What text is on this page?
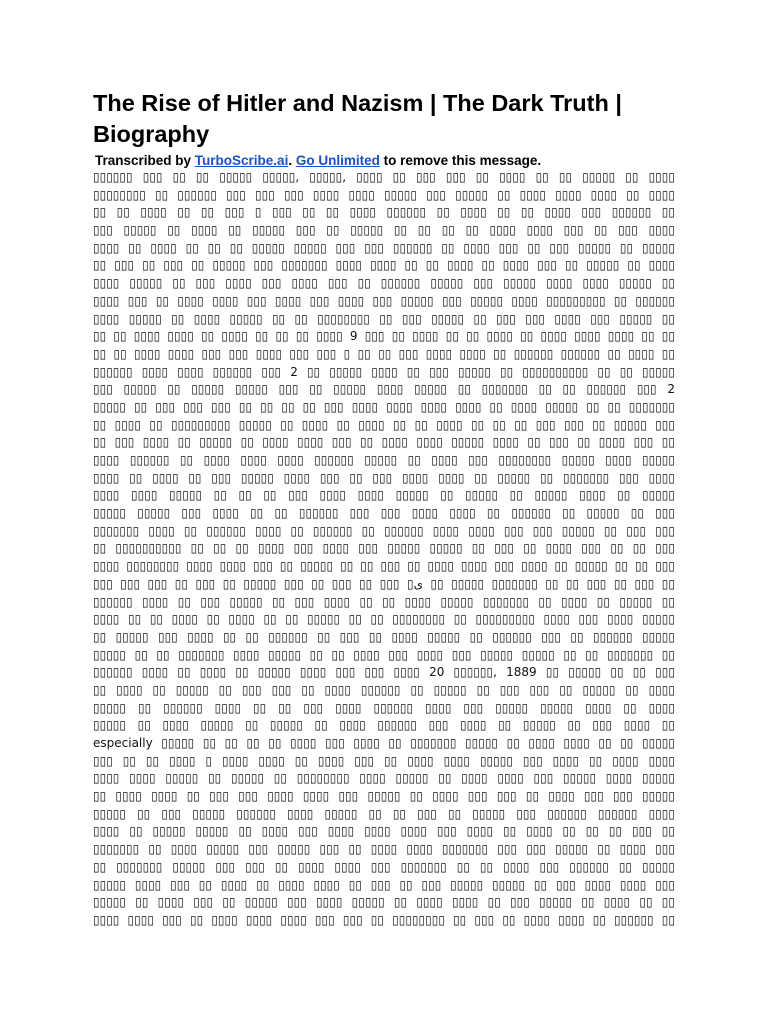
The Rise of Hitler and Nazism | The Dark Truth | Biography
Transcribed by TurboScribe.ai. Go Unlimited to remove this message.
▯▯▯▯▯▯ ▯▯▯ ▯▯ ▯▯ ▯▯▯▯▯ ▯▯▯▯▯, ▯▯▯▯▯, ▯▯▯▯ ▯▯ ▯▯▯ ▯▯▯ ▯▯ ▯▯▯▯ ▯▯ ▯▯ ▯▯▯▯▯ ▯▯ ▯▯▯▯
▯▯▯▯▯▯▯▯ ▯▯ ▯▯▯▯▯▯ ▯▯▯ ▯▯▯ ▯▯▯ ▯▯▯▯ ▯▯▯▯ ▯▯▯▯▯ ▯▯▯ ▯▯▯▯▯ ▯▯ ▯▯▯▯ ▯▯▯▯ ▯▯▯▯ ▯▯ ▯▯▯▯
▯▯ ▯▯ ▯▯▯▯ ▯▯ ▯▯ ▯▯▯ ▯ ▯▯▯ ▯▯ ▯▯ ▯▯▯▯ ▯▯▯▯▯▯ ▯▯ ▯▯▯▯ ▯▯ ▯▯ ▯▯▯▯ ▯▯▯ ▯▯▯▯▯▯ ▯▯
▯▯▯ ▯▯▯▯▯ ▯▯ ▯▯▯▯ ▯▯ ▯▯▯▯▯ ▯▯▯ ▯▯ ▯▯▯▯▯ ▯▯ ▯▯ ▯▯ ▯▯ ▯▯▯▯ ▯▯▯▯ ▯▯▯ ▯▯ ▯▯▯ ▯▯▯▯
▯▯▯▯ ▯▯ ▯▯▯▯ ▯▯ ▯▯ ▯▯ ▯▯▯▯▯ ▯▯▯▯▯ ▯▯▯ ▯▯▯ ▯▯▯▯▯▯ ▯▯ ▯▯▯▯ ▯▯▯ ▯▯ ▯▯▯ ▯▯▯▯▯ ▯▯ ▯▯▯▯▯
▯▯ ▯▯▯ ▯▯ ▯▯▯ ▯▯ ▯▯▯▯▯ ▯▯▯ ▯▯▯▯▯▯▯ ▯▯▯▯ ▯▯▯▯ ▯▯ ▯▯ ▯▯▯▯ ▯▯ ▯▯▯▯ ▯▯▯ ▯▯ ▯▯▯▯▯ ▯▯ ▯▯▯▯
▯▯▯▯ ▯▯▯▯▯ ▯▯ ▯▯▯ ▯▯▯▯ ▯▯▯ ▯▯▯▯ ▯▯▯ ▯▯ ▯▯▯▯▯▯ ▯▯▯▯▯ ▯▯▯ ▯▯▯▯▯ ▯▯▯▯ ▯▯▯▯ ▯▯▯▯▯ ▯▯
▯▯▯▯ ▯▯▯ ▯▯ ▯▯▯▯ ▯▯▯▯ ▯▯▯ ▯▯▯▯ ▯▯▯ ▯▯▯▯ ▯▯▯ ▯▯▯▯▯ ▯▯▯ ▯▯▯▯▯ ▯▯▯▯ ▯▯▯▯▯▯▯▯▯ ▯▯ ▯▯▯▯▯▯
▯▯▯▯ ▯▯▯▯▯ ▯▯ ▯▯▯▯ ▯▯▯▯▯ ▯▯ ▯▯ ▯▯▯▯▯▯▯▯ ▯▯ ▯▯▯ ▯▯▯▯▯ ▯▯ ▯▯▯ ▯▯▯ ▯▯▯▯ ▯▯▯ ▯▯▯▯▯ ▯▯
▯▯ ▯▯ ▯▯▯▯ ▯▯▯▯ ▯▯ ▯▯▯▯ ▯▯ ▯▯ ▯▯ ▯▯▯▯ 9 ▯▯▯ ▯▯ ▯▯▯▯ ▯▯ ▯▯ ▯▯▯▯ ▯▯ ▯▯▯▯ ▯▯▯▯ ▯▯▯▯ ▯▯ ▯▯
▯▯ ▯▯ ▯▯▯▯ ▯▯▯▯ ▯▯▯ ▯▯▯ ▯▯▯▯ ▯▯▯ ▯▯▯ ▯ ▯▯ ▯▯ ▯▯▯ ▯▯▯▯ ▯▯▯▯ ▯▯ ▯▯▯▯▯▯ ▯▯▯▯▯▯ ▯▯ ▯▯▯▯ ▯▯
▯▯▯▯▯▯ ▯▯▯▯ ▯▯▯▯ ▯▯▯▯▯▯ ▯▯▯ 2 ▯▯ ▯▯▯▯▯ ▯▯▯▯ ▯▯ ▯▯▯ ▯▯▯▯▯ ▯▯ ▯▯▯▯▯▯▯▯▯▯ ▯▯ ▯▯ ▯▯▯▯▯
▯▯▯ ▯▯▯▯▯ ▯▯ ▯▯▯▯▯ ▯▯▯▯▯ ▯▯▯ ▯▯ ▯▯▯▯▯ ▯▯▯▯ ▯▯▯▯▯ ▯▯ ▯▯▯▯▯▯▯ ▯▯ ▯▯ ▯▯▯▯▯▯ ▯▯▯ 2
▯▯▯▯▯ ▯▯ ▯▯▯ ▯▯▯ ▯▯▯ ▯▯ ▯▯ ▯▯ ▯▯ ▯▯▯ ▯▯▯▯ ▯▯▯▯ ▯▯▯▯ ▯▯▯▯ ▯▯ ▯▯▯▯ ▯▯▯▯▯ ▯▯ ▯▯ ▯▯▯▯▯▯▯
▯▯ ▯▯▯▯ ▯▯ ▯▯▯▯▯▯▯▯▯ ▯▯▯▯▯ ▯▯ ▯▯▯▯ ▯▯ ▯▯▯▯ ▯▯ ▯▯ ▯▯▯▯ ▯▯ ▯▯ ▯▯ ▯▯▯ ▯▯▯ ▯▯ ▯▯▯▯▯ ▯▯▯
▯▯ ▯▯▯ ▯▯▯▯ ▯▯ ▯▯▯▯▯ ▯▯ ▯▯▯▯ ▯▯▯▯ ▯▯▯ ▯▯ ▯▯▯▯ ▯▯▯▯ ▯▯▯▯▯ ▯▯▯▯ ▯▯ ▯▯▯ ▯▯ ▯▯▯▯ ▯▯▯ ▯▯
▯▯▯▯ ▯▯▯▯▯▯ ▯▯ ▯▯▯▯ ▯▯▯▯ ▯▯▯▯ ▯▯▯▯▯▯ ▯▯▯▯▯ ▯▯ ▯▯▯▯ ▯▯▯ ▯▯▯▯▯▯▯▯ ▯▯▯▯▯ ▯▯▯▯ ▯▯▯▯▯
▯▯▯▯ ▯▯ ▯▯▯▯ ▯▯ ▯▯▯ ▯▯▯▯▯ ▯▯▯▯ ▯▯▯ ▯▯ ▯▯▯ ▯▯▯▯ ▯▯▯▯ ▯▯ ▯▯▯▯▯ ▯▯ ▯▯▯▯▯▯▯ ▯▯▯ ▯▯▯▯
▯▯▯▯ ▯▯▯▯ ▯▯▯▯▯ ▯▯ ▯▯ ▯▯ ▯▯▯ ▯▯▯▯ ▯▯▯▯ ▯▯▯▯▯ ▯▯ ▯▯▯▯▯ ▯▯ ▯▯▯▯▯ ▯▯▯▯ ▯▯ ▯▯▯▯▯
▯▯▯▯▯ ▯▯▯▯▯ ▯▯▯ ▯▯▯▯ ▯▯ ▯▯ ▯▯▯▯▯▯ ▯▯▯ ▯▯▯ ▯▯▯▯ ▯▯▯▯ ▯▯ ▯▯▯▯▯▯ ▯▯ ▯▯▯▯▯ ▯▯ ▯▯▯
▯▯▯▯▯▯▯ ▯▯▯▯ ▯▯ ▯▯▯▯▯▯ ▯▯▯▯ ▯▯ ▯▯▯▯▯▯ ▯▯ ▯▯▯▯▯▯ ▯▯▯▯ ▯▯▯▯ ▯▯▯ ▯▯▯ ▯▯▯▯▯ ▯▯ ▯▯▯ ▯▯▯
▯▯ ▯▯▯▯▯▯▯▯▯▯ ▯▯ ▯▯ ▯▯ ▯▯▯▯ ▯▯▯ ▯▯▯▯ ▯▯▯ ▯▯▯▯▯ ▯▯▯▯▯ ▯▯ ▯▯▯ ▯▯ ▯▯▯▯ ▯▯▯ ▯▯ ▯▯ ▯▯▯
▯▯▯▯ ▯▯▯▯▯▯▯▯ ▯▯▯▯ ▯▯▯▯ ▯▯▯ ▯▯ ▯▯▯▯▯ ▯▯ ▯▯ ▯▯▯ ▯▯ ▯▯▯▯ ▯▯▯▯ ▯▯▯ ▯▯▯▯ ▯▯ ▯▯▯▯▯ ▯▯ ▯▯ ▯▯▯
▯▯▯ ▯▯▯ ▯▯▯ ▯▯ ▯▯▯ ▯▯ ▯▯▯▯▯ ▯▯▯ ▯▯ ▯▯▯ ▯▯ ▯▯▯ ▯ی ▯▯ ▯▯▯▯▯ ▯▯▯▯▯▯▯ ▯▯ ▯▯ ▯▯▯ ▯▯ ▯▯▯ ▯▯
▯▯▯▯▯▯ ▯▯▯▯ ▯▯ ▯▯▯ ▯▯▯▯▯ ▯▯ ▯▯▯ ▯▯▯▯ ▯▯ ▯▯ ▯▯▯▯ ▯▯▯▯▯ ▯▯▯▯▯▯▯ ▯▯ ▯▯▯▯ ▯▯ ▯▯▯▯▯ ▯▯
▯▯▯▯ ▯▯ ▯▯ ▯▯▯▯ ▯▯ ▯▯▯▯ ▯▯ ▯▯ ▯▯▯▯▯ ▯▯ ▯▯ ▯▯▯▯▯▯▯▯ ▯▯ ▯▯▯▯▯▯▯▯▯ ▯▯▯▯ ▯▯▯ ▯▯▯▯ ▯▯▯▯▯
▯▯ ▯▯▯▯▯ ▯▯▯ ▯▯▯▯ ▯▯ ▯▯ ▯▯▯▯▯▯ ▯▯ ▯▯▯ ▯▯ ▯▯▯▯ ▯▯▯▯▯ ▯▯ ▯▯▯▯▯▯ ▯▯▯ ▯▯ ▯▯▯▯▯▯ ▯▯▯▯▯
▯▯▯▯▯ ▯▯ ▯▯ ▯▯▯▯▯▯▯ ▯▯▯▯ ▯▯▯▯▯ ▯▯ ▯▯ ▯▯▯▯ ▯▯▯ ▯▯▯▯ ▯▯▯ ▯▯▯▯▯ ▯▯▯▯▯ ▯▯ ▯▯ ▯▯▯▯▯▯▯ ▯▯
▯▯▯▯▯▯ ▯▯▯▯ ▯▯ ▯▯▯▯ ▯▯ ▯▯▯▯▯ ▯▯▯▯ ▯▯▯ ▯▯▯ ▯▯▯▯ 20 ▯▯▯▯▯▯, 1889 ▯▯ ▯▯▯▯▯ ▯▯ ▯▯ ▯▯▯
▯▯ ▯▯▯▯ ▯▯ ▯▯▯▯▯ ▯▯ ▯▯▯ ▯▯▯ ▯▯ ▯▯▯▯ ▯▯▯▯▯▯ ▯▯ ▯▯▯▯▯ ▯▯ ▯▯▯ ▯▯▯ ▯▯ ▯▯▯▯▯ ▯▯ ▯▯▯▯
▯▯▯▯▯ ▯▯ ▯▯▯▯▯▯ ▯▯▯▯ ▯▯ ▯▯ ▯▯▯ ▯▯▯▯ ▯▯▯▯▯▯ ▯▯▯▯ ▯▯▯ ▯▯▯▯▯ ▯▯▯▯▯ ▯▯▯▯ ▯▯ ▯▯▯▯
▯▯▯▯▯ ▯▯ ▯▯▯▯ ▯▯▯▯▯ ▯▯ ▯▯▯▯▯ ▯▯ ▯▯▯▯ ▯▯▯▯▯▯ ▯▯▯ ▯▯▯▯ ▯▯ ▯▯▯▯▯ ▯▯ ▯▯▯ ▯▯▯▯ ▯▯
especially ▯▯▯▯▯ ▯▯ ▯▯ ▯▯ ▯▯ ▯▯▯▯ ▯▯▯ ▯▯▯▯ ▯▯ ▯▯▯▯▯▯▯ ▯▯▯▯▯ ▯▯ ▯▯▯▯ ▯▯▯▯ ▯▯ ▯▯ ▯▯▯▯▯
▯▯▯ ▯▯ ▯▯ ▯▯▯▯ ▯ ▯▯▯▯ ▯▯▯▯ ▯▯ ▯▯▯▯ ▯▯▯ ▯▯ ▯▯▯▯ ▯▯▯▯ ▯▯▯▯▯ ▯▯▯ ▯▯▯▯ ▯▯ ▯▯▯▯ ▯▯▯▯
▯▯▯▯ ▯▯▯▯ ▯▯▯▯▯ ▯▯ ▯▯▯▯▯ ▯▯ ▯▯▯▯▯▯▯▯ ▯▯▯▯ ▯▯▯▯▯ ▯▯ ▯▯▯▯ ▯▯▯▯ ▯▯▯ ▯▯▯▯▯ ▯▯▯▯ ▯▯▯▯▯
▯▯ ▯▯▯▯ ▯▯▯▯ ▯▯ ▯▯▯ ▯▯▯ ▯▯▯▯ ▯▯▯▯ ▯▯▯ ▯▯▯▯▯ ▯▯ ▯▯▯▯ ▯▯▯ ▯▯▯ ▯▯ ▯▯▯▯ ▯▯▯ ▯▯▯ ▯▯▯▯▯
▯▯▯▯▯ ▯▯ ▯▯▯ ▯▯▯▯▯ ▯▯▯▯▯▯ ▯▯▯▯ ▯▯▯▯▯ ▯▯ ▯▯ ▯▯▯ ▯▯ ▯▯▯▯▯ ▯▯▯ ▯▯▯▯▯▯ ▯▯▯▯▯▯ ▯▯▯▯
▯▯▯▯ ▯▯ ▯▯▯▯▯ ▯▯▯▯▯ ▯▯ ▯▯▯▯ ▯▯▯ ▯▯▯▯ ▯▯▯▯ ▯▯▯▯ ▯▯▯ ▯▯▯▯ ▯▯ ▯▯▯▯ ▯▯ ▯▯ ▯▯ ▯▯▯ ▯▯
▯▯▯▯▯▯▯ ▯▯ ▯▯▯▯ ▯▯▯▯▯ ▯▯▯ ▯▯▯▯▯ ▯▯▯ ▯▯ ▯▯▯▯ ▯▯▯▯ ▯▯▯▯▯▯▯ ▯▯▯ ▯▯▯ ▯▯▯▯▯ ▯▯ ▯▯▯▯ ▯▯▯
▯▯ ▯▯▯▯▯▯▯ ▯▯▯▯▯ ▯▯▯ ▯▯▯ ▯▯ ▯▯▯▯ ▯▯▯▯ ▯▯▯ ▯▯▯▯▯▯▯ ▯▯ ▯▯ ▯▯▯▯ ▯▯▯ ▯▯▯▯▯▯ ▯▯ ▯▯▯▯▯
▯▯▯▯▯ ▯▯▯▯ ▯▯▯ ▯▯ ▯▯▯▯ ▯▯ ▯▯▯▯ ▯▯▯▯ ▯▯ ▯▯▯ ▯▯ ▯▯▯ ▯▯▯▯▯ ▯▯▯▯▯ ▯▯ ▯▯▯ ▯▯▯▯ ▯▯▯▯ ▯▯▯
▯▯▯▯▯ ▯▯ ▯▯▯▯ ▯▯▯ ▯▯ ▯▯▯▯▯ ▯▯▯ ▯▯▯▯ ▯▯▯▯▯ ▯▯ ▯▯▯▯ ▯▯▯▯ ▯▯ ▯▯▯ ▯▯▯▯▯ ▯▯ ▯▯▯▯ ▯▯ ▯▯
▯▯▯▯ ▯▯▯▯ ▯▯▯ ▯▯ ▯▯▯▯ ▯▯▯▯ ▯▯▯▯ ▯▯▯ ▯▯▯ ▯▯ ▯▯▯▯▯▯▯▯ ▯▯ ▯▯▯ ▯▯ ▯▯▯▯ ▯▯▯▯ ▯▯ ▯▯▯▯▯▯ ▯▯
